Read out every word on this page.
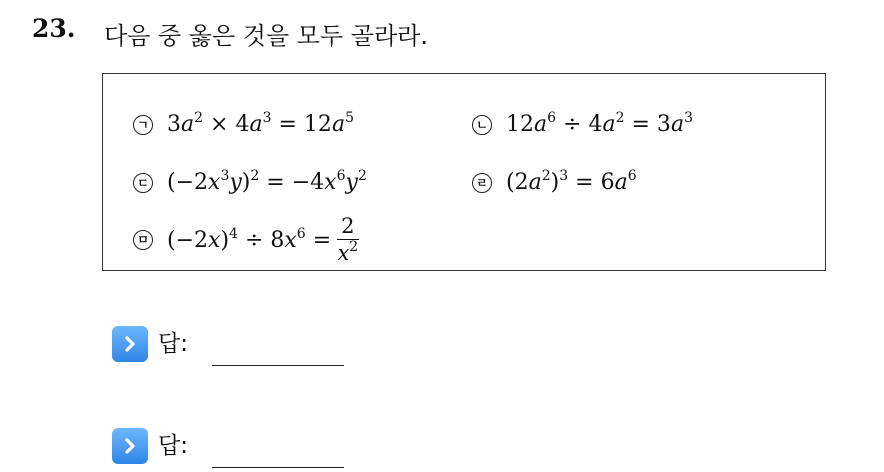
23. 다음 중 옳은 것을 모두 골라라.
ㄱ $3a^2 \times 4a^3 = 12a^5$	ㄴ $12a^6 \div 4a^2 = 3a^3$
ㄷ $(-2x^3y)^2 = -4x^6y^2$	ㄹ $(2a^2)^3 = 6a^6$
ㅁ $(-2x)^4 \div 8x^6 = \frac{2}{x^2}$
답:
답:
